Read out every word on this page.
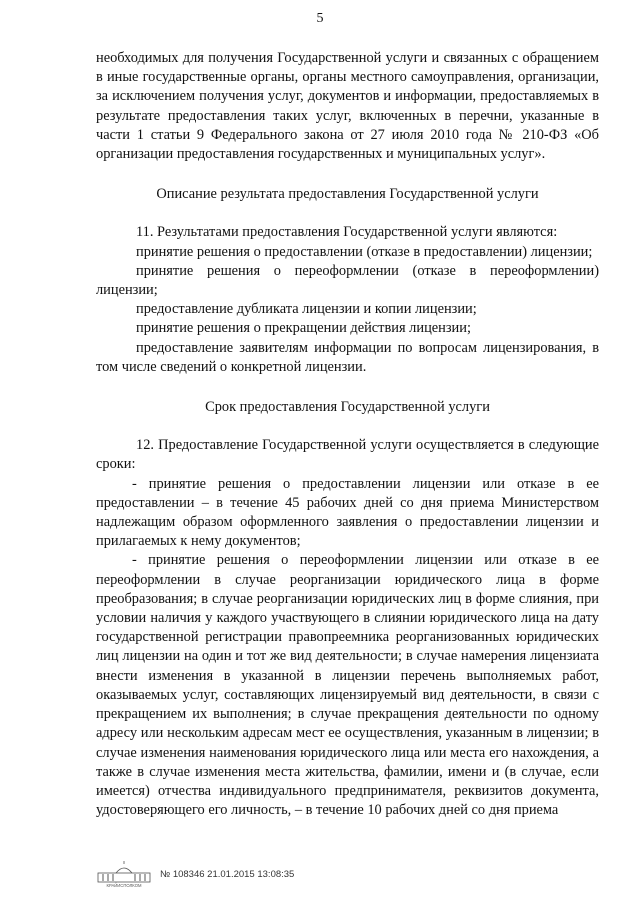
5

необходимых для получения Государственной услуги и связанных с обращением в иные государственные органы, органы местного самоуправления, организации, за исключением получения услуг, документов и информации, предоставляемых в результате предоставления таких услуг, включенных в перечни, указанные в части 1 статьи 9 Федерального закона от 27 июля 2010 года № 210-ФЗ «Об организации предоставления государственных и муниципальных услуг».

Описание результата предоставления Государственной услуги

11. Результатами предоставления Государственной услуги являются:

принятие решения о предоставлении (отказе в предоставлении) лицензии;

принятие решения о переоформлении (отказе в переоформлении) лицензии;

предоставление дубликата лицензии и копии лицензии;

принятие решения о прекращении действия лицензии;

предоставление заявителям информации по вопросам лицензирования, в том числе сведений о конкретной лицензии.

Срок предоставления Государственной услуги

12. Предоставление Государственной услуги осуществляется в следующие сроки:

- принятие решения о предоставлении лицензии или отказе в ее предоставлении – в течение 45 рабочих дней со дня приема Министерством надлежащим образом оформленного заявления о предоставлении лицензии и прилагаемых к нему документов;

- принятие решения о переоформлении лицензии или отказе в ее переоформлении в случае реорганизации юридического лица в форме преобразования; в случае реорганизации юридических лиц в форме слияния, при условии наличия у каждого участвующего в слиянии юридического лица на дату государственной регистрации правопреемника реорганизованных юридических лиц лицензии на один и тот же вид деятельности; в случае намерения лицензиата внести изменения в указанной в лицензии перечень выполняемых работ, оказываемых услуг, составляющих лицензируемый вид деятельности, в связи с прекращением их выполнения; в случае прекращения деятельности по одному адресу или нескольким адресам мест ее осуществления, указанным в лицензии; в случае изменения наименования юридического лица или места его нахождения, а также в случае изменения места жительства, фамилии, имени и (в случае, если имеется) отчества индивидуального предпринимателя, реквизитов документа, удостоверяющего его личность, – в течение 10 рабочих дней со дня приема

КРАЙИСПОЛКОМ
№ 108346 21.01.2015 13:08:35
